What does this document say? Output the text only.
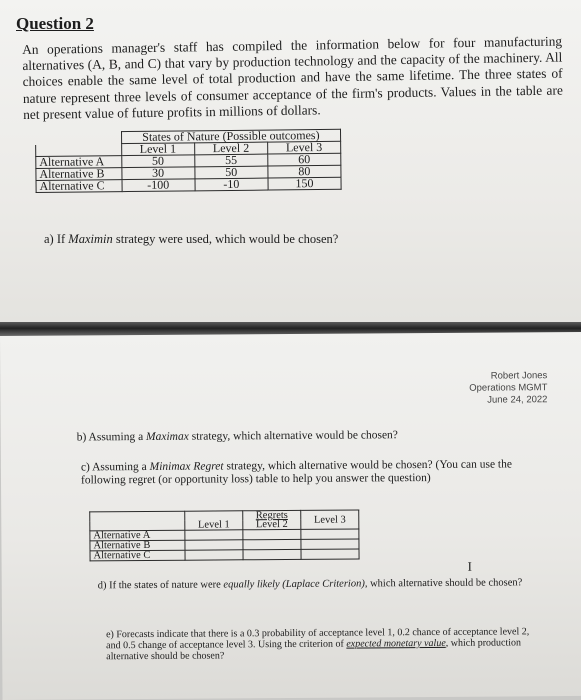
Question 2

An operations manager's staff has compiled the information below for four manufacturing alternatives (A, B, and C) that vary by production technology and the capacity of the machinery. All choices enable the same level of total production and have the same lifetime. The three states of nature represent three levels of consumer acceptance of the firm's products. Values in the table are net present value of future profits in millions of dollars.

	States of Nature (Possible outcomes)		
	Level 1	Level 2	Level 3
Alternative A	50	55	60
Alternative B	30	50	80
Alternative C	-100	-10	150

a) If Maximin strategy were used, which would be chosen?

Robert Jones
Operations MGMT
June 24, 2022

b) Assuming a Maximax strategy, which alternative would be chosen?

c) Assuming a Minimax Regret strategy, which alternative would be chosen? (You can use the following regret (or opportunity loss) table to help you answer the question)

	Level 1	Regrets	Level 3
		Level 2	
Alternative A			
Alternative B			
Alternative C			
I

d) If the states of nature were equally likely (Laplace Criterion), which alternative should be chosen?

e) Forecasts indicate that there is a 0.3 probability of acceptance level 1, 0.2 chance of acceptance level 2, and 0.5 change of acceptance level 3. Using the criterion of expected monetary value, which production alternative should be chosen?
